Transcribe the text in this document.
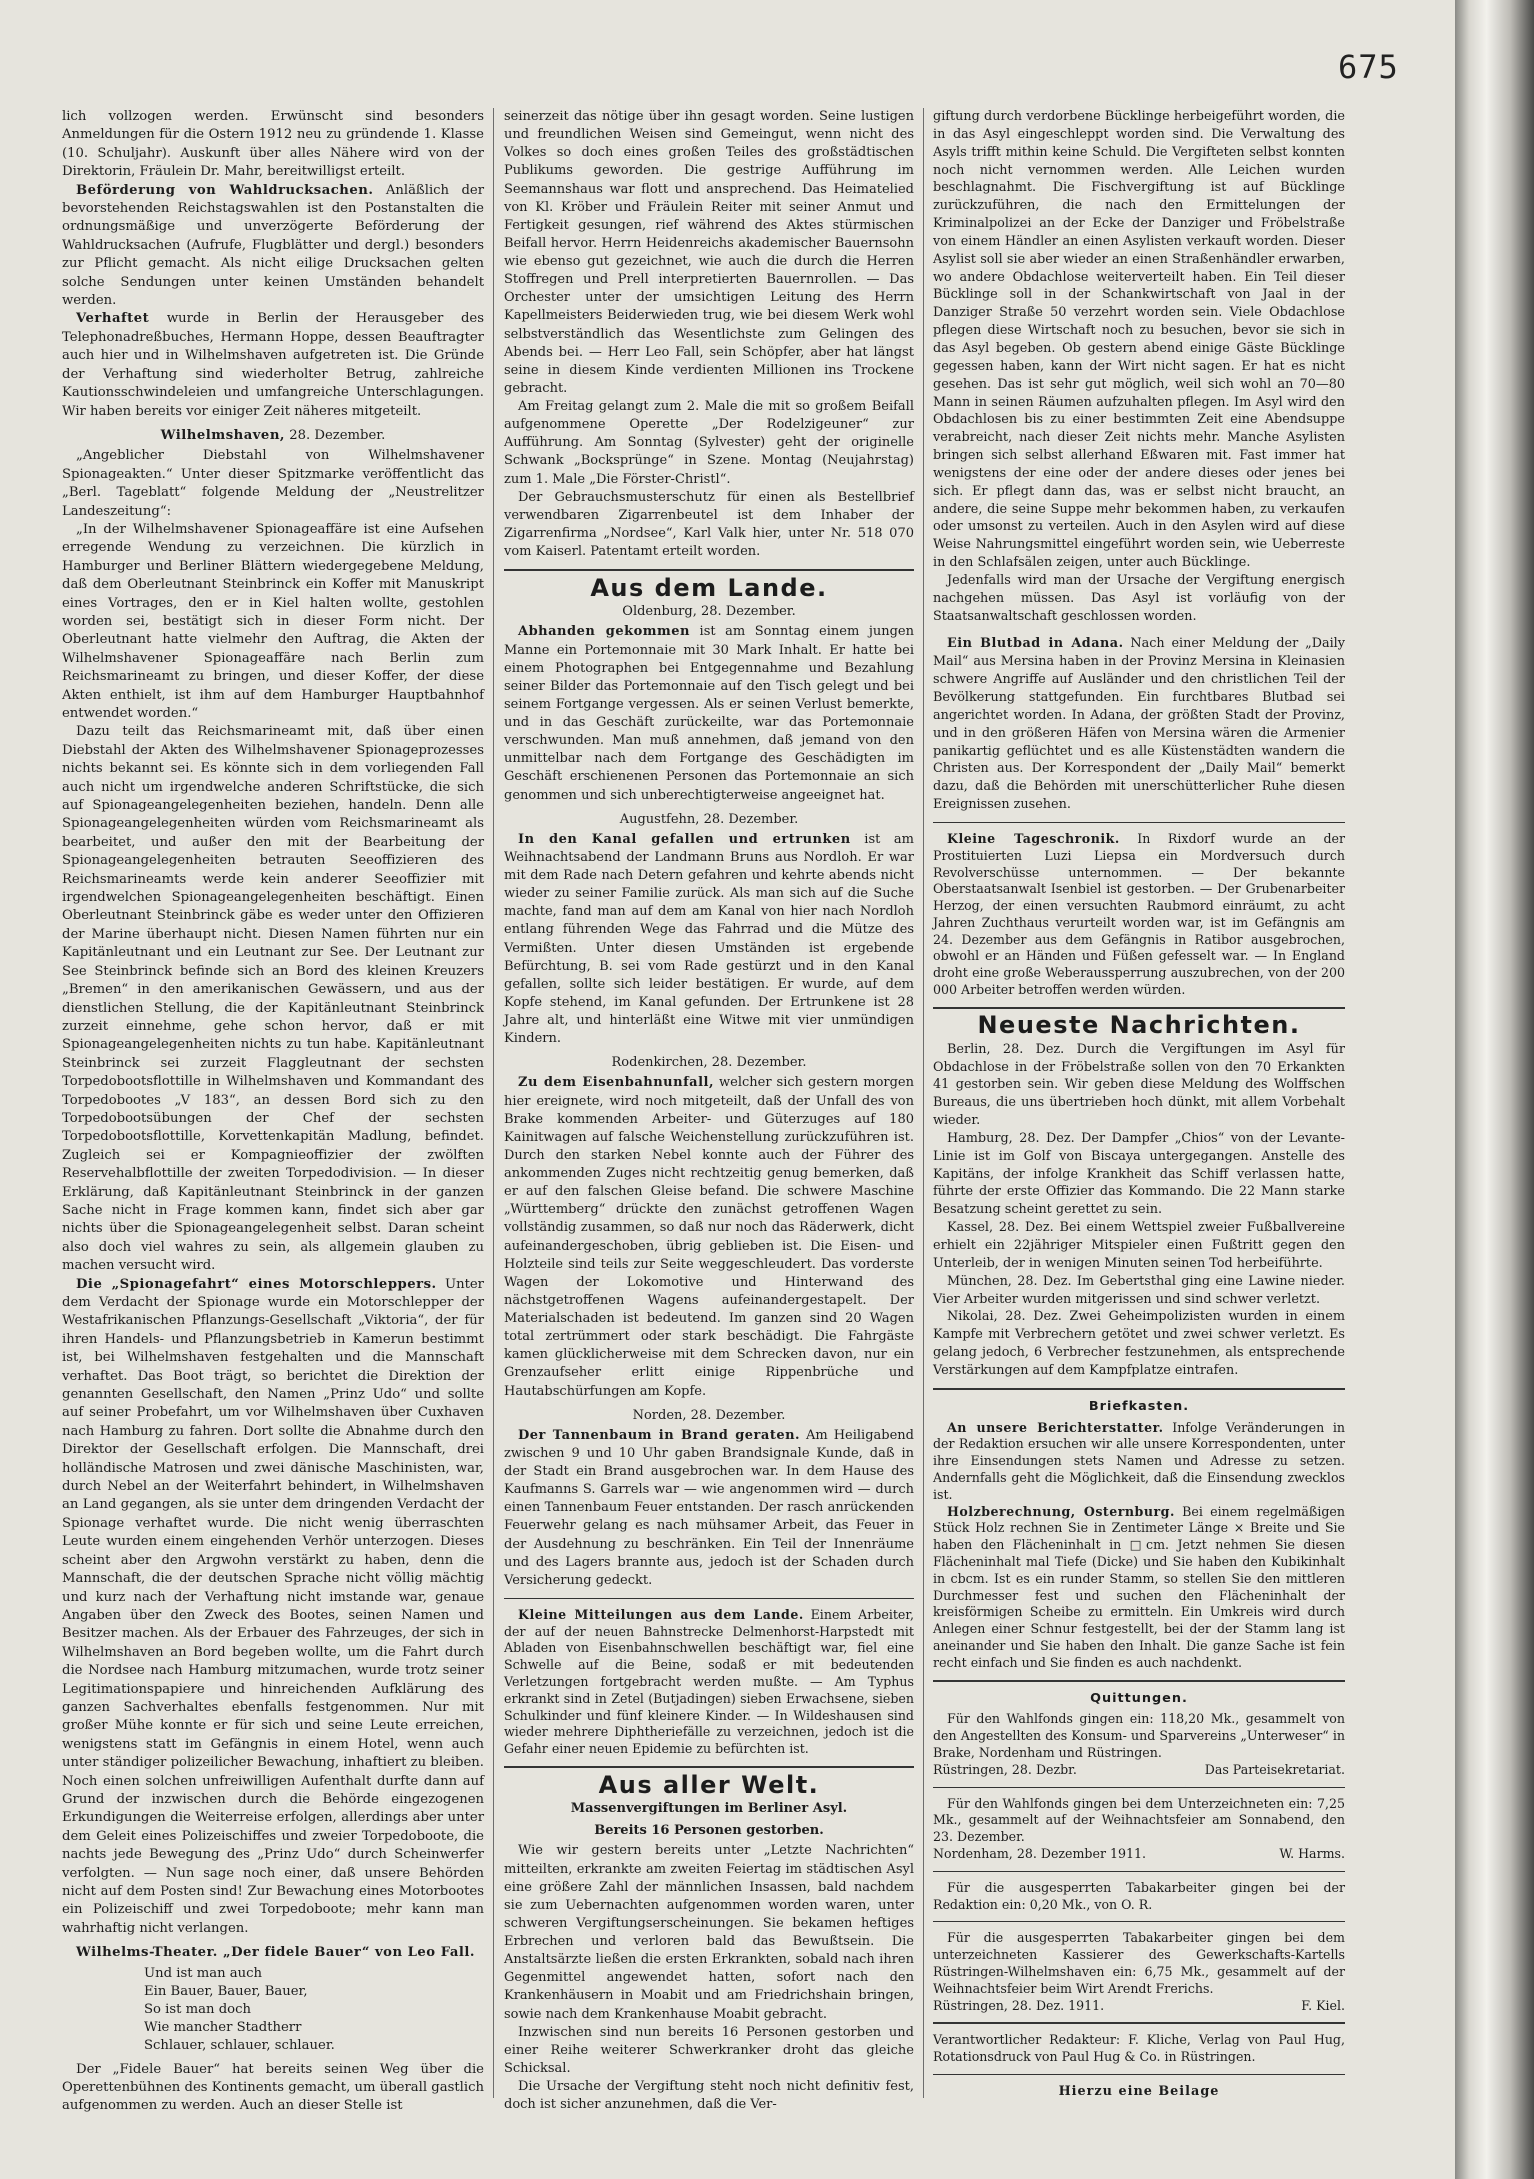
675

lich vollzogen werden. Erwünscht sind besonders Anmeldungen für die Ostern 1912 neu zu gründende 1. Klasse (10. Schuljahr). Auskunft über alles Nähere wird von der Direktorin, Fräulein Dr. Mahr, bereitwilligst erteilt.

Beförderung von Wahldrucksachen. Anläßlich der bevorstehenden Reichstagswahlen ist den Postanstalten die ordnungsmäßige und unverzögerte Beförderung der Wahldrucksachen (Aufrufe, Flugblätter und dergl.) besonders zur Pflicht gemacht. Als nicht eilige Drucksachen gelten solche Sendungen unter keinen Umständen behandelt werden.

Verhaftet wurde in Berlin der Herausgeber des Telephonadreßbuches, Hermann Hoppe, dessen Beauftragter auch hier und in Wilhelmshaven aufgetreten ist. Die Gründe der Verhaftung sind wiederholter Betrug, zahlreiche Kautionsschwindeleien und umfangreiche Unterschlagungen. Wir haben bereits vor einiger Zeit näheres mitgeteilt.

Wilhelmshaven, 28. Dezember.

„Angeblicher Diebstahl von Wilhelmshavener Spionageakten.“ Unter dieser Spitzmarke veröffentlicht das „Berl. Tageblatt“ folgende Meldung der „Neustrelitzer Landeszeitung“:

„In der Wilhelmshavener Spionageaffäre ist eine Aufsehen erregende Wendung zu verzeichnen. Die kürzlich in Hamburger und Berliner Blättern wiedergegebene Meldung, daß dem Oberleutnant Steinbrinck ein Koffer mit Manuskript eines Vortrages, den er in Kiel halten wollte, gestohlen worden sei, bestätigt sich in dieser Form nicht. Der Oberleutnant hatte vielmehr den Auftrag, die Akten der Wilhelmshavener Spionageaffäre nach Berlin zum Reichsmarineamt zu bringen, und dieser Koffer, der diese Akten enthielt, ist ihm auf dem Hamburger Hauptbahnhof entwendet worden.“

Dazu teilt das Reichsmarineamt mit, daß über einen Diebstahl der Akten des Wilhelmshavener Spionageprozesses nichts bekannt sei. Es könnte sich in dem vorliegenden Fall auch nicht um irgendwelche anderen Schriftstücke, die sich auf Spionageangelegenheiten beziehen, handeln. Denn alle Spionageangelegenheiten würden vom Reichsmarineamt als bearbeitet, und außer den mit der Bearbeitung der Spionageangelegenheiten betrauten Seeoffizieren des Reichsmarineamts werde kein anderer Seeoffizier mit irgendwelchen Spionageangelegenheiten beschäftigt. Einen Oberleutnant Steinbrinck gäbe es weder unter den Offizieren der Marine überhaupt nicht. Diesen Namen führten nur ein Kapitänleutnant und ein Leutnant zur See. Der Leutnant zur See Steinbrinck befinde sich an Bord des kleinen Kreuzers „Bremen“ in den amerikanischen Gewässern, und aus der dienstlichen Stellung, die der Kapitänleutnant Steinbrinck zurzeit einnehme, gehe schon hervor, daß er mit Spionageangelegenheiten nichts zu tun habe. Kapitänleutnant Steinbrinck sei zurzeit Flaggleutnant der sechsten Torpedobootsflottille in Wilhelmshaven und Kommandant des Torpedobootes „V 183“, an dessen Bord sich zu den Torpedobootsübungen der Chef der sechsten Torpedobootsflottille, Korvettenkapitän Madlung, befindet. Zugleich sei er Kompagnieoffizier der zwölften Reservehalbflottille der zweiten Torpedodivision. — In dieser Erklärung, daß Kapitänleutnant Steinbrinck in der ganzen Sache nicht in Frage kommen kann, findet sich aber gar nichts über die Spionageangelegenheit selbst. Daran scheint also doch viel wahres zu sein, als allgemein glauben zu machen versucht wird.

Die „Spionagefahrt“ eines Motorschleppers. Unter dem Verdacht der Spionage wurde ein Motorschlepper der Westafrikanischen Pflanzungs-Gesellschaft „Viktoria“, der für ihren Handels- und Pflanzungsbetrieb in Kamerun bestimmt ist, bei Wilhelmshaven festgehalten und die Mannschaft verhaftet. Das Boot trägt, so berichtet die Direktion der genannten Gesellschaft, den Namen „Prinz Udo“ und sollte auf seiner Probefahrt, um vor Wilhelmshaven über Cuxhaven nach Hamburg zu fahren. Dort sollte die Abnahme durch den Direktor der Gesellschaft erfolgen. Die Mannschaft, drei holländische Matrosen und zwei dänische Maschinisten, war, durch Nebel an der Weiterfahrt behindert, in Wilhelmshaven an Land gegangen, als sie unter dem dringenden Verdacht der Spionage verhaftet wurde. Die nicht wenig überraschten Leute wurden einem eingehenden Verhör unterzogen. Dieses scheint aber den Argwohn verstärkt zu haben, denn die Mannschaft, die der deutschen Sprache nicht völlig mächtig und kurz nach der Verhaftung nicht imstande war, genaue Angaben über den Zweck des Bootes, seinen Namen und Besitzer machen. Als der Erbauer des Fahrzeuges, der sich in Wilhelmshaven an Bord begeben wollte, um die Fahrt durch die Nordsee nach Hamburg mitzumachen, wurde trotz seiner Legitimationspapiere und hinreichenden Aufklärung des ganzen Sachverhaltes ebenfalls festgenommen. Nur mit großer Mühe konnte er für sich und seine Leute erreichen, wenigstens statt im Gefängnis in einem Hotel, wenn auch unter ständiger polizeilicher Bewachung, inhaftiert zu bleiben. Noch einen solchen unfreiwilligen Aufenthalt durfte dann auf Grund der inzwischen durch die Behörde eingezogenen Erkundigungen die Weiterreise erfolgen, allerdings aber unter dem Geleit eines Polizeischiffes und zweier Torpedoboote, die nachts jede Bewegung des „Prinz Udo“ durch Scheinwerfer verfolgten. — Nun sage noch einer, daß unsere Behörden nicht auf dem Posten sind! Zur Bewachung eines Motorbootes ein Polizeischiff und zwei Torpedoboote; mehr kann man wahrhaftig nicht verlangen.

Wilhelms-Theater. „Der fidele Bauer“ von Leo Fall.

Und ist man auch
Ein Bauer, Bauer, Bauer,
So ist man doch
Wie mancher Stadtherr
Schlauer, schlauer, schlauer.

Der „Fidele Bauer“ hat bereits seinen Weg über die Operettenbühnen des Kontinents gemacht, um überall gastlich aufgenommen zu werden. Auch an dieser Stelle ist

seinerzeit das nötige über ihn gesagt worden. Seine lustigen und freundlichen Weisen sind Gemeingut, wenn nicht des Volkes so doch eines großen Teiles des großstädtischen Publikums geworden. Die gestrige Aufführung im Seemannshaus war flott und ansprechend. Das Heimatelied von Kl. Kröber und Fräulein Reiter mit seiner Anmut und Fertigkeit gesungen, rief während des Aktes stürmischen Beifall hervor. Herrn Heidenreichs akademischer Bauernsohn wie ebenso gut gezeichnet, wie auch die durch die Herren Stoffregen und Prell interpretierten Bauernrollen. — Das Orchester unter der umsichtigen Leitung des Herrn Kapellmeisters Beiderwieden trug, wie bei diesem Werk wohl selbstverständlich das Wesentlichste zum Gelingen des Abends bei. — Herr Leo Fall, sein Schöpfer, aber hat längst seine in diesem Kinde verdienten Millionen ins Trockene gebracht.

Am Freitag gelangt zum 2. Male die mit so großem Beifall aufgenommene Operette „Der Rodelzigeuner“ zur Aufführung. Am Sonntag (Sylvester) geht der originelle Schwank „Bocksprünge“ in Szene. Montag (Neujahrstag) zum 1. Male „Die Förster-Christl“.

Der Gebrauchsmusterschutz für einen als Bestellbrief verwendbaren Zigarrenbeutel ist dem Inhaber der Zigarrenfirma „Nordsee“, Karl Valk hier, unter Nr. 518 070 vom Kaiserl. Patentamt erteilt worden.

Aus dem Lande.

Oldenburg, 28. Dezember.

Abhanden gekommen ist am Sonntag einem jungen Manne ein Portemonnaie mit 30 Mark Inhalt. Er hatte bei einem Photographen bei Entgegennahme und Bezahlung seiner Bilder das Portemonnaie auf den Tisch gelegt und bei seinem Fortgange vergessen. Als er seinen Verlust bemerkte, und in das Geschäft zurückeilte, war das Portemonnaie verschwunden. Man muß annehmen, daß jemand von den unmittelbar nach dem Fortgange des Geschädigten im Geschäft erschienenen Personen das Portemonnaie an sich genommen und sich unberechtigterweise angeeignet hat.

Augustfehn, 28. Dezember.

In den Kanal gefallen und ertrunken ist am Weihnachtsabend der Landmann Bruns aus Nordloh. Er war mit dem Rade nach Detern gefahren und kehrte abends nicht wieder zu seiner Familie zurück. Als man sich auf die Suche machte, fand man auf dem am Kanal von hier nach Nordloh entlang führenden Wege das Fahrrad und die Mütze des Vermißten. Unter diesen Umständen ist ergebende Befürchtung, B. sei vom Rade gestürzt und in den Kanal gefallen, sollte sich leider bestätigen. Er wurde, auf dem Kopfe stehend, im Kanal gefunden. Der Ertrunkene ist 28 Jahre alt, und hinterläßt eine Witwe mit vier unmündigen Kindern.

Rodenkirchen, 28. Dezember.

Zu dem Eisenbahnunfall, welcher sich gestern morgen hier ereignete, wird noch mitgeteilt, daß der Unfall des von Brake kommenden Arbeiter- und Güterzuges auf 180 Kainitwagen auf falsche Weichenstellung zurückzuführen ist. Durch den starken Nebel konnte auch der Führer des ankommenden Zuges nicht rechtzeitig genug bemerken, daß er auf den falschen Gleise befand. Die schwere Maschine „Württemberg“ drückte den zunächst getroffenen Wagen vollständig zusammen, so daß nur noch das Räderwerk, dicht aufeinandergeschoben, übrig geblieben ist. Die Eisen- und Holzteile sind teils zur Seite weggeschleudert. Das vorderste Wagen der Lokomotive und Hinterwand des nächstgetroffenen Wagens aufeinandergestapelt. Der Materialschaden ist bedeutend. Im ganzen sind 20 Wagen total zertrümmert oder stark beschädigt. Die Fahrgäste kamen glücklicherweise mit dem Schrecken davon, nur ein Grenzaufseher erlitt einige Rippenbrüche und Hautabschürfungen am Kopfe.

Norden, 28. Dezember.

Der Tannenbaum in Brand geraten. Am Heiligabend zwischen 9 und 10 Uhr gaben Brandsignale Kunde, daß in der Stadt ein Brand ausgebrochen war. In dem Hause des Kaufmanns S. Garrels war — wie angenommen wird — durch einen Tannenbaum Feuer entstanden. Der rasch anrückenden Feuerwehr gelang es nach mühsamer Arbeit, das Feuer in der Ausdehnung zu beschränken. Ein Teil der Innenräume und des Lagers brannte aus, jedoch ist der Schaden durch Versicherung gedeckt.

Kleine Mitteilungen aus dem Lande. Einem Arbeiter, der auf der neuen Bahnstrecke Delmenhorst-Harpstedt mit Abladen von Eisenbahnschwellen beschäftigt war, fiel eine Schwelle auf die Beine, sodaß er mit bedeutenden Verletzungen fortgebracht werden mußte. — Am Typhus erkrankt sind in Zetel (Butjadingen) sieben Erwachsene, sieben Schulkinder und fünf kleinere Kinder. — In Wildeshausen sind wieder mehrere Diphtheriefälle zu verzeichnen, jedoch ist die Gefahr einer neuen Epidemie zu befürchten ist.

Aus aller Welt.

Massenvergiftungen im Berliner Asyl.

Bereits 16 Personen gestorben.

Wie wir gestern bereits unter „Letzte Nachrichten“ mitteilten, erkrankte am zweiten Feiertag im städtischen Asyl eine größere Zahl der männlichen Insassen, bald nachdem sie zum Uebernachten aufgenommen worden waren, unter schweren Vergiftungserscheinungen. Sie bekamen heftiges Erbrechen und verloren bald das Bewußtsein. Die Anstaltsärzte ließen die ersten Erkrankten, sobald nach ihren Gegenmittel angewendet hatten, sofort nach den Krankenhäusern in Moabit und am Friedrichshain bringen, sowie nach dem Krankenhause Moabit gebracht.

Inzwischen sind nun bereits 16 Personen gestorben und einer Reihe weiterer Schwerkranker droht das gleiche Schicksal.

Die Ursache der Vergiftung steht noch nicht definitiv fest, doch ist sicher anzunehmen, daß die Ver-

giftung durch verdorbene Bücklinge herbeigeführt worden, die in das Asyl eingeschleppt worden sind. Die Verwaltung des Asyls trifft mithin keine Schuld. Die Vergifteten selbst konnten noch nicht vernommen werden. Alle Leichen wurden beschlagnahmt. Die Fischvergiftung ist auf Bücklinge zurückzuführen, die nach den Ermittelungen der Kriminalpolizei an der Ecke der Danziger und Fröbelstraße von einem Händler an einen Asylisten verkauft worden. Dieser Asylist soll sie aber wieder an einen Straßenhändler erwarben, wo andere Obdachlose weiterverteilt haben. Ein Teil dieser Bücklinge soll in der Schankwirtschaft von Jaal in der Danziger Straße 50 verzehrt worden sein. Viele Obdachlose pflegen diese Wirtschaft noch zu besuchen, bevor sie sich in das Asyl begeben. Ob gestern abend einige Gäste Bücklinge gegessen haben, kann der Wirt nicht sagen. Er hat es nicht gesehen. Das ist sehr gut möglich, weil sich wohl an 70—80 Mann in seinen Räumen aufzuhalten pflegen. Im Asyl wird den Obdachlosen bis zu einer bestimmten Zeit eine Abendsuppe verabreicht, nach dieser Zeit nichts mehr. Manche Asylisten bringen sich selbst allerhand Eßwaren mit. Fast immer hat wenigstens der eine oder der andere dieses oder jenes bei sich. Er pflegt dann das, was er selbst nicht braucht, an andere, die seine Suppe mehr bekommen haben, zu verkaufen oder umsonst zu verteilen. Auch in den Asylen wird auf diese Weise Nahrungsmittel eingeführt worden sein, wie Ueberreste in den Schlafsälen zeigen, unter auch Bücklinge.

Jedenfalls wird man der Ursache der Vergiftung energisch nachgehen müssen. Das Asyl ist vorläufig von der Staatsanwaltschaft geschlossen worden.

Ein Blutbad in Adana. Nach einer Meldung der „Daily Mail“ aus Mersina haben in der Provinz Mersina in Kleinasien schwere Angriffe auf Ausländer und den christlichen Teil der Bevölkerung stattgefunden. Ein furchtbares Blutbad sei angerichtet worden. In Adana, der größten Stadt der Provinz, und in den größeren Häfen von Mersina wären die Armenier panikartig geflüchtet und es alle Küstenstädten wandern die Christen aus. Der Korrespondent der „Daily Mail“ bemerkt dazu, daß die Behörden mit unerschütterlicher Ruhe diesen Ereignissen zusehen.

Kleine Tageschronik. In Rixdorf wurde an der Prostituierten Luzi Liepsa ein Mordversuch durch Revolverschüsse unternommen. — Der bekannte Oberstaatsanwalt Isenbiel ist gestorben. — Der Grubenarbeiter Herzog, der einen versuchten Raubmord einräumt, zu acht Jahren Zuchthaus verurteilt worden war, ist im Gefängnis am 24. Dezember aus dem Gefängnis in Ratibor ausgebrochen, obwohl er an Händen und Füßen gefesselt war. — In England droht eine große Weberaussperrung auszubrechen, von der 200 000 Arbeiter betroffen werden würden.

Neueste Nachrichten.

Berlin, 28. Dez. Durch die Vergiftungen im Asyl für Obdachlose in der Fröbelstraße sollen von den 70 Erkankten 41 gestorben sein. Wir geben diese Meldung des Wolffschen Bureaus, die uns übertrieben hoch dünkt, mit allem Vorbehalt wieder.

Hamburg, 28. Dez. Der Dampfer „Chios“ von der Levante-Linie ist im Golf von Biscaya untergegangen. Anstelle des Kapitäns, der infolge Krankheit das Schiff verlassen hatte, führte der erste Offizier das Kommando. Die 22 Mann starke Besatzung scheint gerettet zu sein.

Kassel, 28. Dez. Bei einem Wettspiel zweier Fußballvereine erhielt ein 22jähriger Mitspieler einen Fußtritt gegen den Unterleib, der in wenigen Minuten seinen Tod herbeiführte.

München, 28. Dez. Im Gebertsthal ging eine Lawine nieder. Vier Arbeiter wurden mitgerissen und sind schwer verletzt.

Nikolai, 28. Dez. Zwei Geheimpolizisten wurden in einem Kampfe mit Verbrechern getötet und zwei schwer verletzt. Es gelang jedoch, 6 Verbrecher festzunehmen, als entsprechende Verstärkungen auf dem Kampfplatze eintrafen.

Briefkasten.

An unsere Berichterstatter. Infolge Veränderungen in der Redaktion ersuchen wir alle unsere Korrespondenten, unter ihre Einsendungen stets Namen und Adresse zu setzen. Andernfalls geht die Möglichkeit, daß die Einsendung zwecklos ist.

Holzberechnung, Osternburg. Bei einem regelmäßigen Stück Holz rechnen Sie in Zentimeter Länge × Breite und Sie haben den Flächeninhalt in □cm. Jetzt nehmen Sie diesen Flächeninhalt mal Tiefe (Dicke) und Sie haben den Kubikinhalt in cbcm. Ist es ein runder Stamm, so stellen Sie den mittleren Durchmesser fest und suchen den Flächeninhalt der kreisförmigen Scheibe zu ermitteln. Ein Umkreis wird durch Anlegen einer Schnur festgestellt, bei der der Stamm lang ist aneinander und Sie haben den Inhalt. Die ganze Sache ist fein recht einfach und Sie finden es auch nachdenkt.

Quittungen.

Für den Wahlfonds gingen ein: 118,20 Mk., gesammelt von den Angestellten des Konsum- und Sparvereins „Unterweser“ in Brake, Nordenham und Rüstringen.

Rüstringen, 28. Dezbr.	Das Parteisekretariat.

Für den Wahlfonds gingen bei dem Unterzeichneten ein: 7,25 Mk., gesammelt auf der Weihnachtsfeier am Sonnabend, den 23. Dezember.

Nordenham, 28. Dezember 1911.	W. Harms.

Für die ausgesperrten Tabakarbeiter gingen bei der Redaktion ein: 0,20 Mk., von O. R.

Für die ausgesperrten Tabakarbeiter gingen bei dem unterzeichneten Kassierer des Gewerkschafts-Kartells Rüstringen-Wilhelmshaven ein: 6,75 Mk., gesammelt auf der Weihnachtsfeier beim Wirt Arendt Frerichs.

Rüstringen, 28. Dez. 1911.	F. Kiel.

Verantwortlicher Redakteur: F. Kliche, Verlag von Paul Hug, Rotationsdruck von Paul Hug & Co. in Rüstringen.

Hierzu eine Beilage
